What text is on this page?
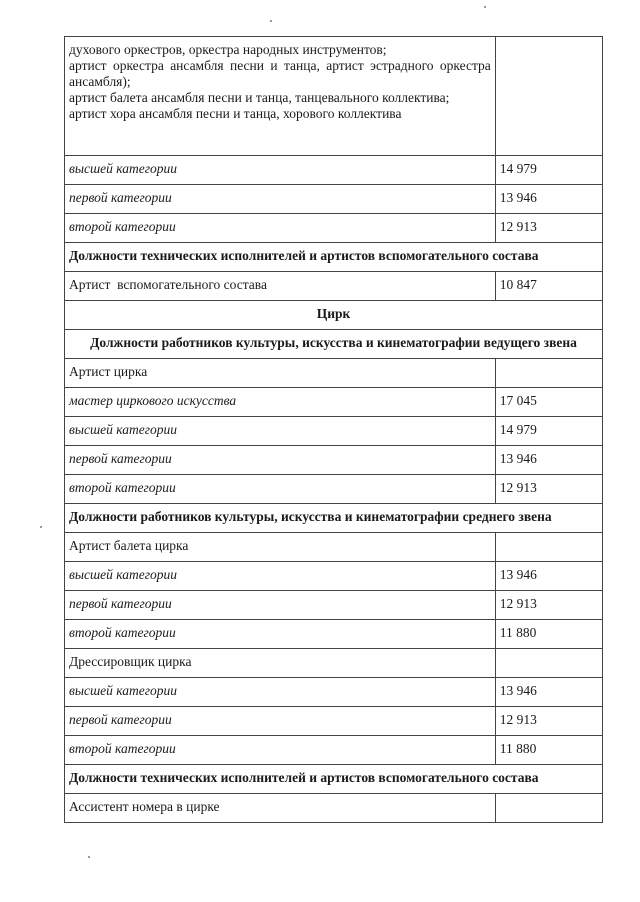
духового оркестров, оркестра народных инструментов;
артист оркестра ансамбля песни и танца, артист эстрадного оркестра ансамбля);
артист балета ансамбля песни и танца, танцевального коллектива;
артист хора ансамбля песни и танца, хорового коллектива	

высшей категории	14 979
первой категории	13 946
второй категории	12 913
Должности технических исполнителей и артистов вспомогательного состава	
Артист  вспомогательного состава	10 847
Цирк	
Должности работников культуры, искусства и кинематографии ведущего звена	
Артист цирка	
мастер циркового искусства	17 045
высшей категории	14 979
первой категории	13 946
второй категории	12 913
Должности работников культуры, искусства и кинематографии среднего звена	
Артист балета цирка	
высшей категории	13 946
первой категории	12 913
второй категории	11 880
Дрессировщик цирка	
высшей категории	13 946
первой категории	12 913
второй категории	11 880
Должности технических исполнителей и артистов вспомогательного состава	
Ассистент номера в цирке	
